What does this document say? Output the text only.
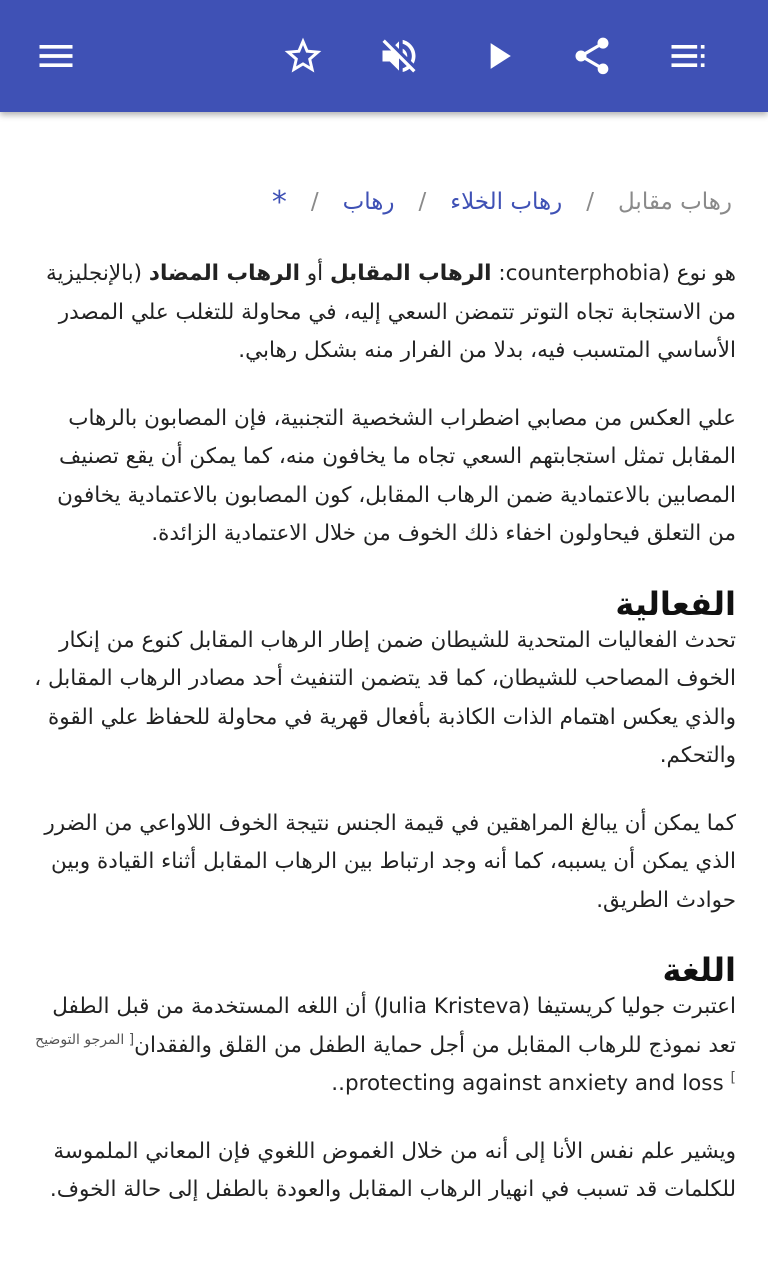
رهاب مقابل
/
رهاب الخلاء
/
رهاب
/
*

هو نوع (counterphobia: الرهاب المقابل أو الرهاب المضاد (بالإنجليزية من الاستجابة تجاه التوتر تتمضن السعي إليه، في محاولة للتغلب علي المصدر الأساسي المتسبب فيه، بدلا من الفرار منه بشكل رهابي.

علي العكس من مصابي اضطراب الشخصية التجنبية، فإن المصابون بالرهاب المقابل تمثل استجابتهم السعي تجاه ما يخافون منه، كما يمكن أن يقع تصنيف المصابين بالاعتمادية ضمن الرهاب المقابل، كون المصابون بالاعتمادية يخافون من التعلق فيحاولون اخفاء ذلك الخوف من خلال الاعتمادية الزائدة.

الفعالية

تحدث الفعاليات المتحدية للشيطان ضمن إطار الرهاب المقابل كنوع من إنكار الخوف المصاحب للشيطان، كما قد يتضمن التنفيث أحد مصادر الرهاب المقابل ، والذي يعكس اهتمام الذات الكاذبة بأفعال قهرية في محاولة للحفاظ علي القوة والتحكم.

كما يمكن أن يبالغ المراهقين في قيمة الجنس نتيجة الخوف اللاواعي من الضرر الذي يمكن أن يسببه، كما أنه وجد ارتباط بين الرهاب المقابل أثناء القيادة وبين حوادث الطريق.

اللغة

اعتبرت جوليا كريستيفا (Julia Kristeva) أن اللغه المستخدمة من قبل الطفل تعد نموذج للرهاب المقابل من أجل حماية الطفل من القلق والفقدان[ المرجو التوضيح ] protecting against anxiety and loss..

ويشير علم نفس الأنا إلى أنه من خلال الغموض اللغوي فإن المعاني الملموسة للكلمات قد تسبب في انهيار الرهاب المقابل والعودة بالطفل إلى حالة الخوف.
